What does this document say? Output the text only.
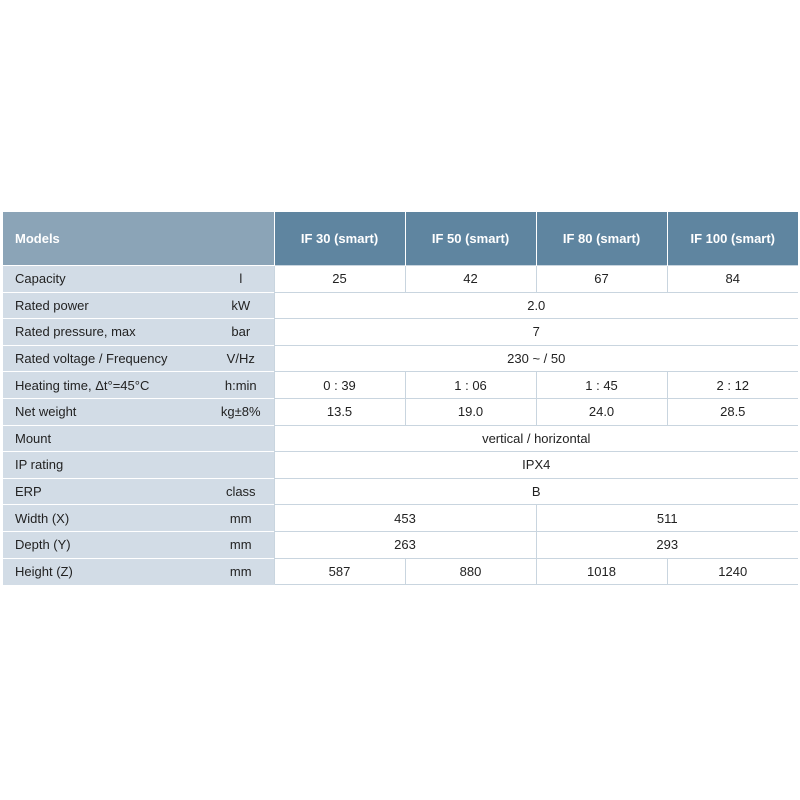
Models		IF 30 (smart)	IF 50 (smart)	IF 80 (smart)	IF 100 (smart)
Capacity	l	25	42	67	84
Rated power	kW	2.0			
Rated pressure, max	bar	7			
Rated voltage / Frequency	V/Hz	230 ~ / 50			
Heating time, Δt°=45°C	h:min	0 : 39	1 : 06	1 : 45	2 : 12
Net weight	kg±8%	13.5	19.0	24.0	28.5
Mount		vertical / horizontal			
IP rating		IPX4			
ERP	class	B			
Width (X)	mm	453		511	
Depth (Y)	mm	263		293	
Height (Z)	mm	587	880	1018	1240
